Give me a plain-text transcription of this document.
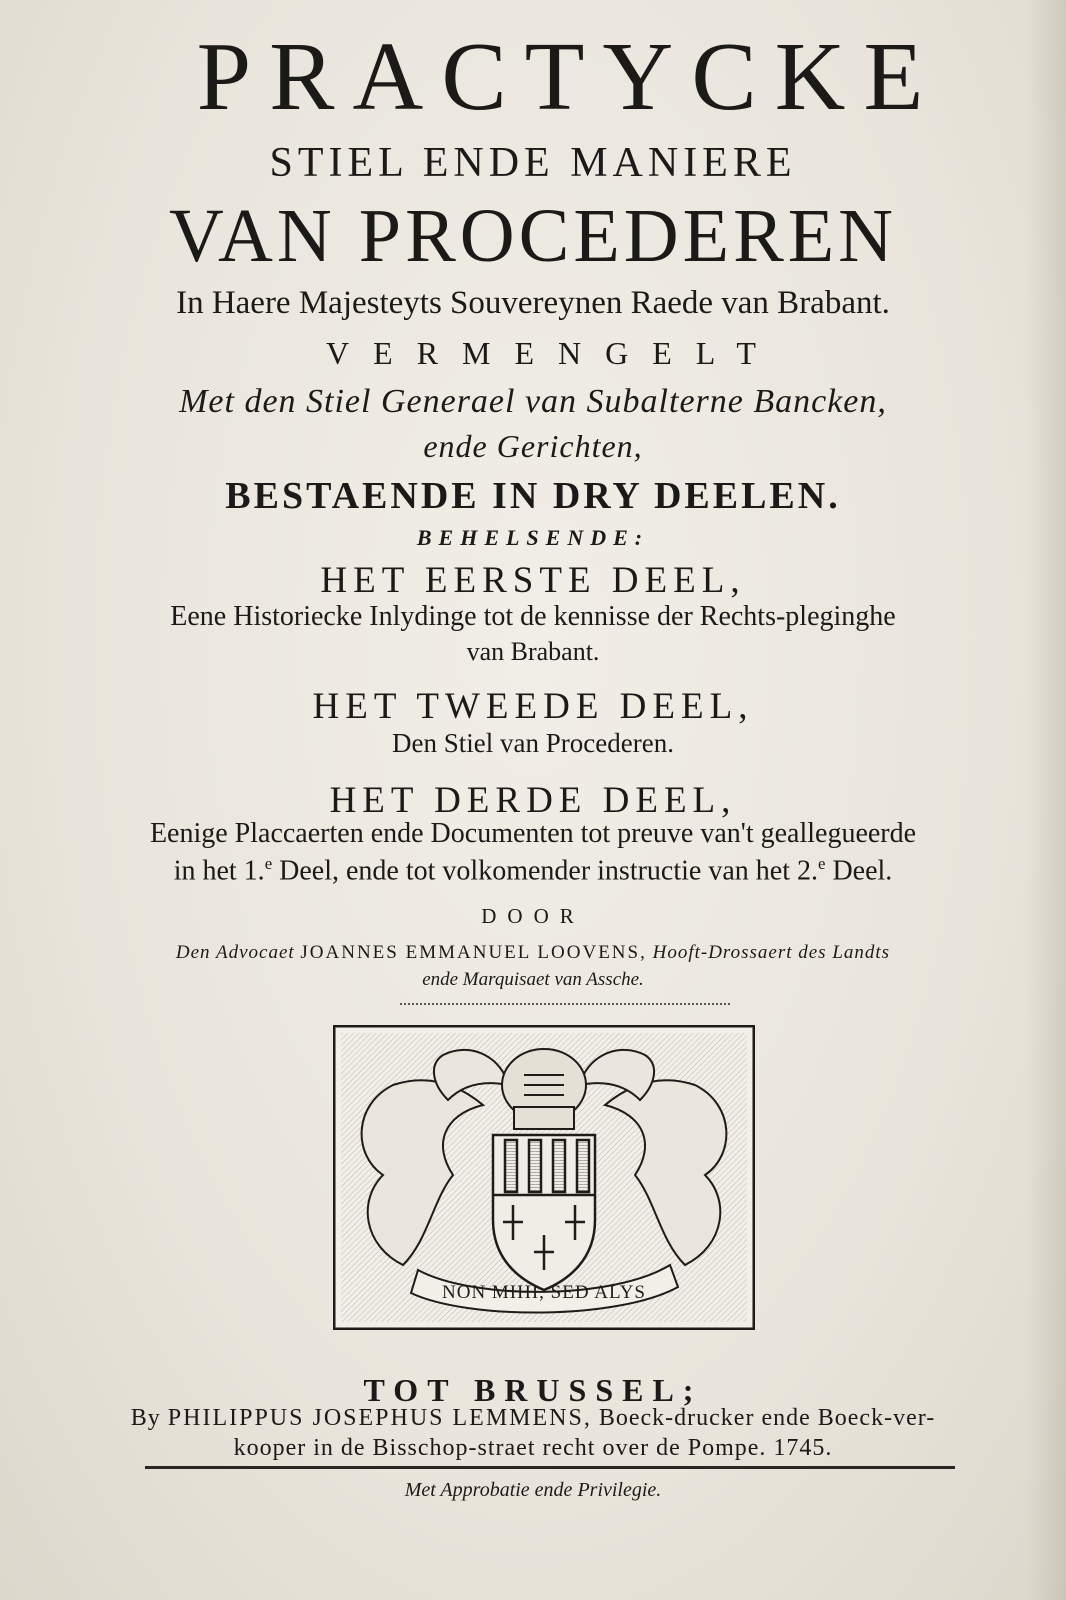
PRACTYCKE
STIEL ENDE MANIERE
VAN PROCEDEREN
In Haere Majesteyts Souvereynen Raede van Brabant.
VERMENGELT
Met den Stiel Generael van Subalterne Bancken,
ende Gerichten,
BESTAENDE IN DRY DEELEN.
BEHELSENDE:
HET EERSTE DEEL,
Eene Historiecke Inlydinge tot de kennisse der Rechts-pleginghe
van Brabant.
HET TWEEDE DEEL,
Den Stiel van Procederen.
HET DERDE DEEL,
Eenige Placcaerten ende Documenten tot preuve van't geallegueerde
in het 1.$^e$ Deel, ende tot volkomender instructie van het 2.$^e$ Deel.
DOOR
Den Advocaet JOANNES EMMANUEL LOOVENS, Hooft-Drossaert des Landts
ende Marquisaet van Assche.
NON MIHI, SED ALYS
TOT BRUSSEL;
By PHILIPPUS JOSEPHUS LEMMENS, Boeck-drucker ende Boeck-ver-
kooper in de Bisschop-straet recht over de Pompe. 1745.
Met Approbatie ende Privilegie.
